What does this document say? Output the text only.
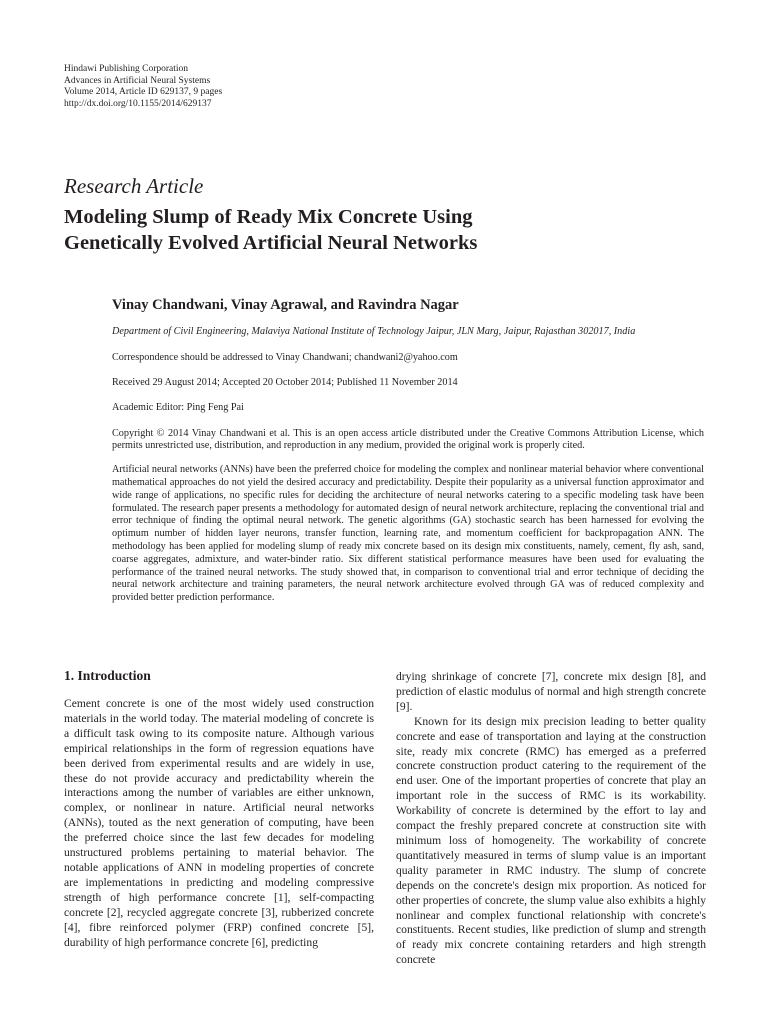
Hindawi Publishing Corporation
Advances in Artificial Neural Systems
Volume 2014, Article ID 629137, 9 pages
http://dx.doi.org/10.1155/2014/629137
Research Article
Modeling Slump of Ready Mix Concrete Using
Genetically Evolved Artificial Neural Networks
Vinay Chandwani, Vinay Agrawal, and Ravindra Nagar

Department of Civil Engineering, Malaviya National Institute of Technology Jaipur, JLN Marg, Jaipur, Rajasthan 302017, India

Correspondence should be addressed to Vinay Chandwani; chandwani2@yahoo.com

Received 29 August 2014; Accepted 20 October 2014; Published 11 November 2014

Academic Editor: Ping Feng Pai

Copyright © 2014 Vinay Chandwani et al. This is an open access article distributed under the Creative Commons Attribution License, which permits unrestricted use, distribution, and reproduction in any medium, provided the original work is properly cited.

Artificial neural networks (ANNs) have been the preferred choice for modeling the complex and nonlinear material behavior where conventional mathematical approaches do not yield the desired accuracy and predictability. Despite their popularity as a universal function approximator and wide range of applications, no specific rules for deciding the architecture of neural networks catering to a specific modeling task have been formulated. The research paper presents a methodology for automated design of neural network architecture, replacing the conventional trial and error technique of finding the optimal neural network. The genetic algorithms (GA) stochastic search has been harnessed for evolving the optimum number of hidden layer neurons, transfer function, learning rate, and momentum coefficient for backpropagation ANN. The methodology has been applied for modeling slump of ready mix concrete based on its design mix constituents, namely, cement, fly ash, sand, coarse aggregates, admixture, and water-binder ratio. Six different statistical performance measures have been used for evaluating the performance of the trained neural networks. The study showed that, in comparison to conventional trial and error technique of deciding the neural network architecture and training parameters, the neural network architecture evolved through GA was of reduced complexity and provided better prediction performance.

1. Introduction

Cement concrete is one of the most widely used construction materials in the world today. The material modeling of concrete is a difficult task owing to its composite nature. Although various empirical relationships in the form of regression equations have been derived from experimental results and are widely in use, these do not provide accuracy and predictability wherein the interactions among the number of variables are either unknown, complex, or nonlinear in nature. Artificial neural networks (ANNs), touted as the next generation of computing, have been the preferred choice since the last few decades for modeling unstructured problems pertaining to material behavior. The notable applications of ANN in modeling properties of concrete are implementations in predicting and modeling compressive strength of high performance concrete [1], self-compacting concrete [2], recycled aggregate concrete [3], rubberized concrete [4], fibre reinforced polymer (FRP) confined concrete [5], durability of high performance concrete [6], predicting

drying shrinkage of concrete [7], concrete mix design [8], and prediction of elastic modulus of normal and high strength concrete [9].

Known for its design mix precision leading to better quality concrete and ease of transportation and laying at the construction site, ready mix concrete (RMC) has emerged as a preferred concrete construction product catering to the requirement of the end user. One of the important properties of concrete that play an important role in the success of RMC is its workability. Workability of concrete is determined by the effort to lay and compact the freshly prepared concrete at construction site with minimum loss of homogeneity. The workability of concrete quantitatively measured in terms of slump value is an important quality parameter in RMC industry. The slump of concrete depends on the concrete's design mix proportion. As noticed for other properties of concrete, the slump value also exhibits a highly nonlinear and complex functional relationship with concrete's constituents. Recent studies, like prediction of slump and strength of ready mix concrete containing retarders and high strength concrete
